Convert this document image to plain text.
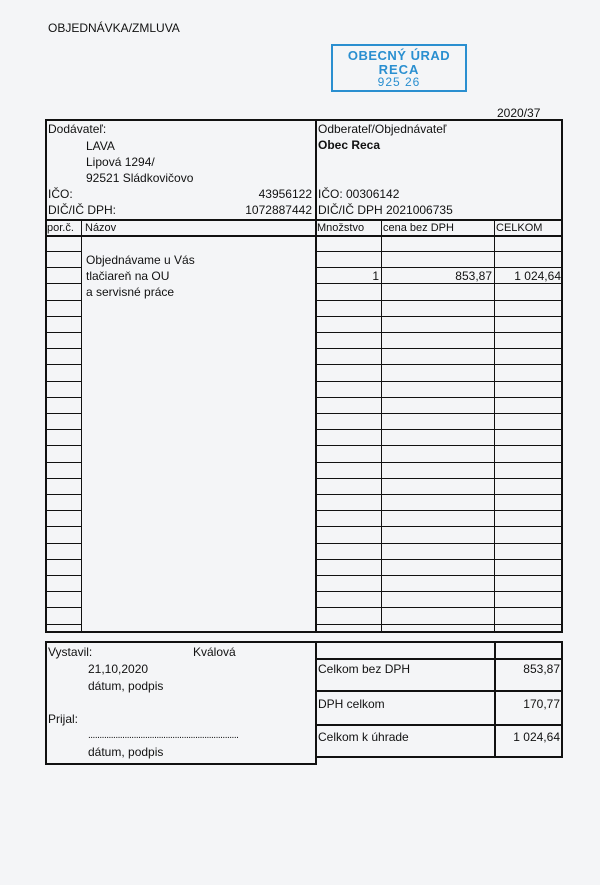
OBJEDNÁVKA/ZMLUVA
OBECNÝ ÚRAD
RECA
925 26
2020/37
Dodávateľ:
LAVA
Lipová 1294/
92521 Sládkovičovo
IČO:	43956122
DIČ/IČ DPH:	1072887442
Odberateľ/Objednávateľ
Obec Reca
IČO: 00306142
DIČ/IČ DPH 2021006735
por.č. Názov	Množstvo cena bez DPH	CELKOM
Objednávame u Vás
tlačiareň na OU
a servisné práce
1	853,87	1 024,64
Vystavil:	Kválová
21,10,2020
dátum, podpis
Prijal:
..................................................................
dátum, podpis
Celkom bez DPH	853,87
DPH celkom	170,77
Celkom k úhrade	1 024,64
